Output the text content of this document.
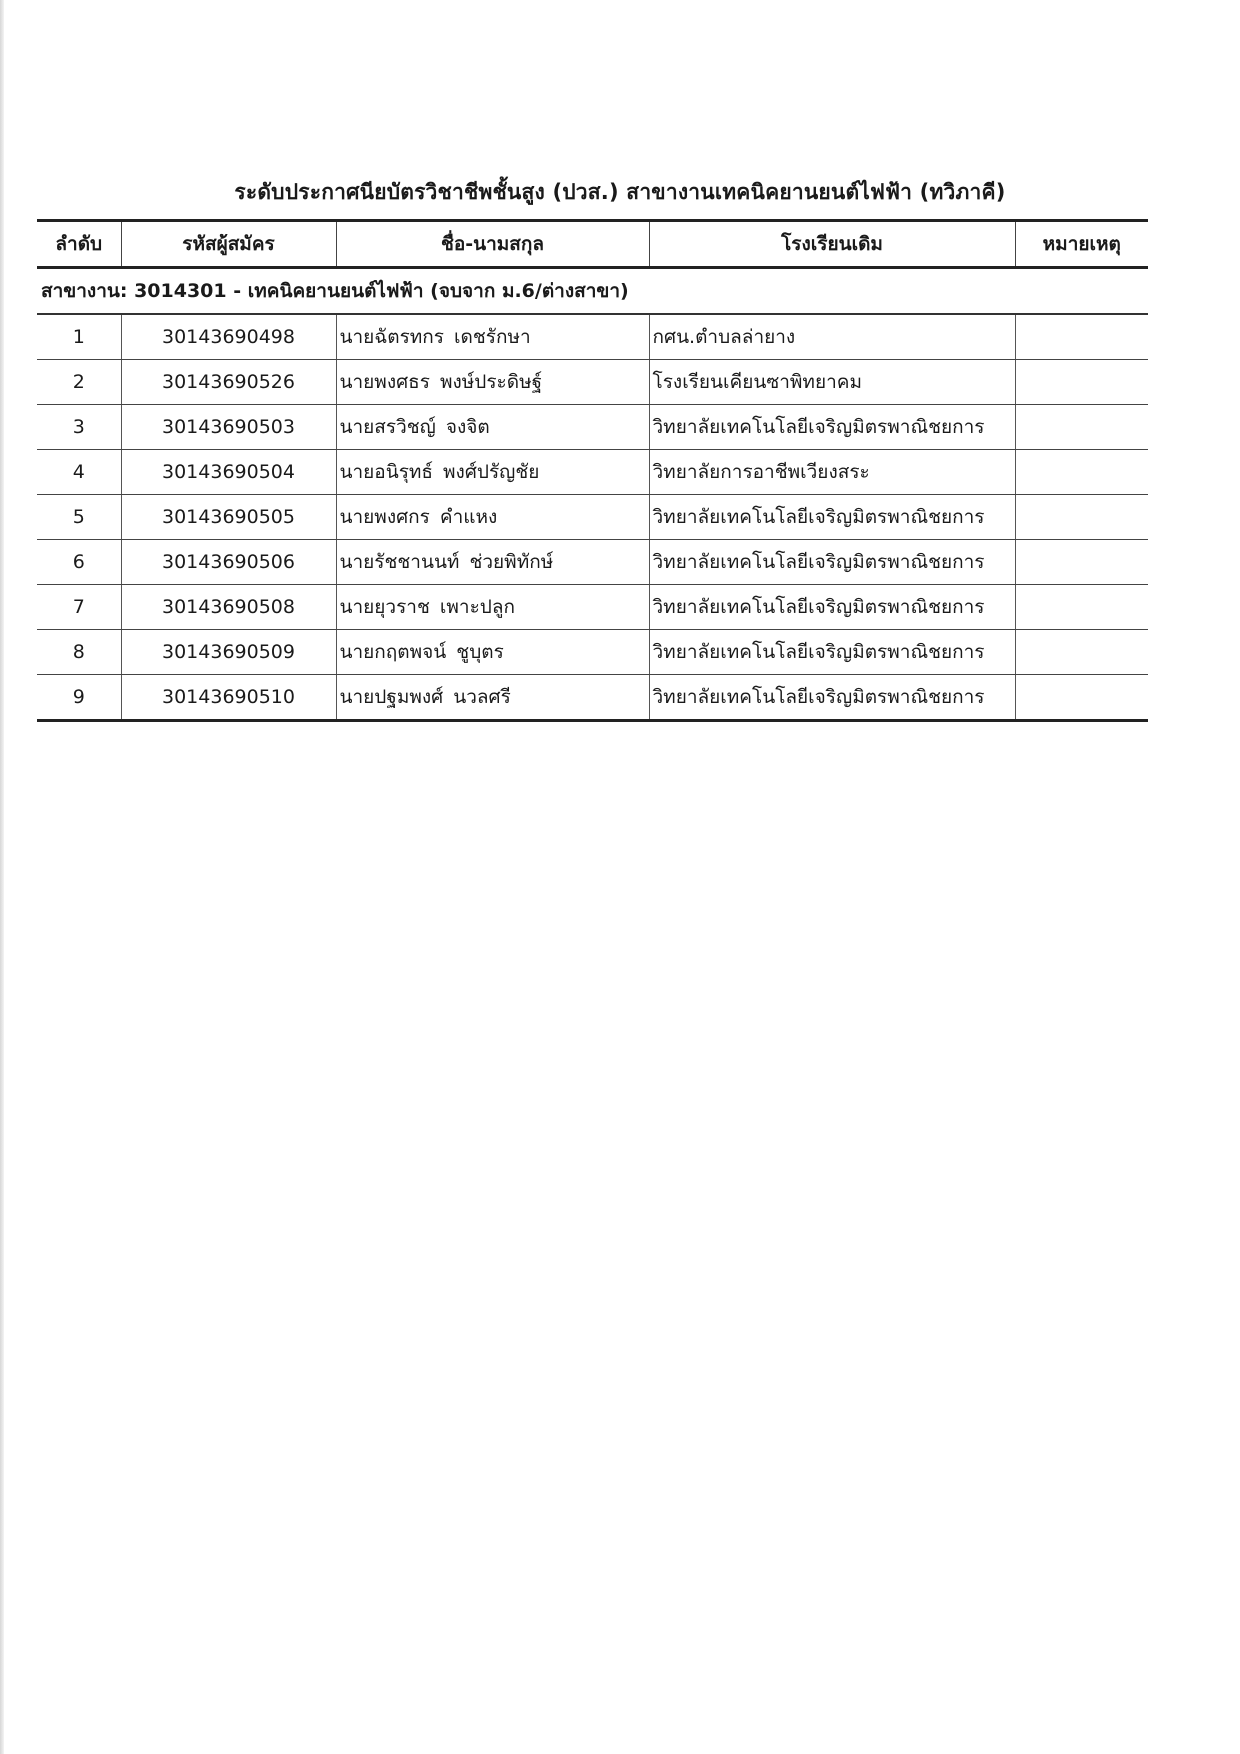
ระดับประกาศนียบัตรวิชาชีพชั้นสูง (ปวส.) สาขางานเทคนิคยานยนต์ไฟฟ้า (ทวิภาคี)
ลำดับ	รหัสผู้สมัคร	ชื่อ-นามสกุล	โรงเรียนเดิม	หมายเหตุ
สาขางาน: 3014301 - เทคนิคยานยนต์ไฟฟ้า (จบจาก ม.6/ต่างสาขา)				
1	30143690498	นายฉัตรทกร เดชรักษา	กศน.ตำบลล่ายาง	
2	30143690526	นายพงศธร พงษ์ประดิษฐ์	โรงเรียนเคียนซาพิทยาคม	
3	30143690503	นายสรวิชญ์ จงจิต	วิทยาลัยเทคโนโลยีเจริญมิตรพาณิชยการ	
4	30143690504	นายอนิรุทธ์ พงศ์ปรัญชัย	วิทยาลัยการอาชีพเวียงสระ	
5	30143690505	นายพงศกร คำแหง	วิทยาลัยเทคโนโลยีเจริญมิตรพาณิชยการ	
6	30143690506	นายรัชชานนท์ ช่วยพิทักษ์	วิทยาลัยเทคโนโลยีเจริญมิตรพาณิชยการ	
7	30143690508	นายยุวราช เพาะปลูก	วิทยาลัยเทคโนโลยีเจริญมิตรพาณิชยการ	
8	30143690509	นายกฤตพจน์ ชูบุตร	วิทยาลัยเทคโนโลยีเจริญมิตรพาณิชยการ	
9	30143690510	นายปฐมพงศ์ นวลศรี	วิทยาลัยเทคโนโลยีเจริญมิตรพาณิชยการ	
